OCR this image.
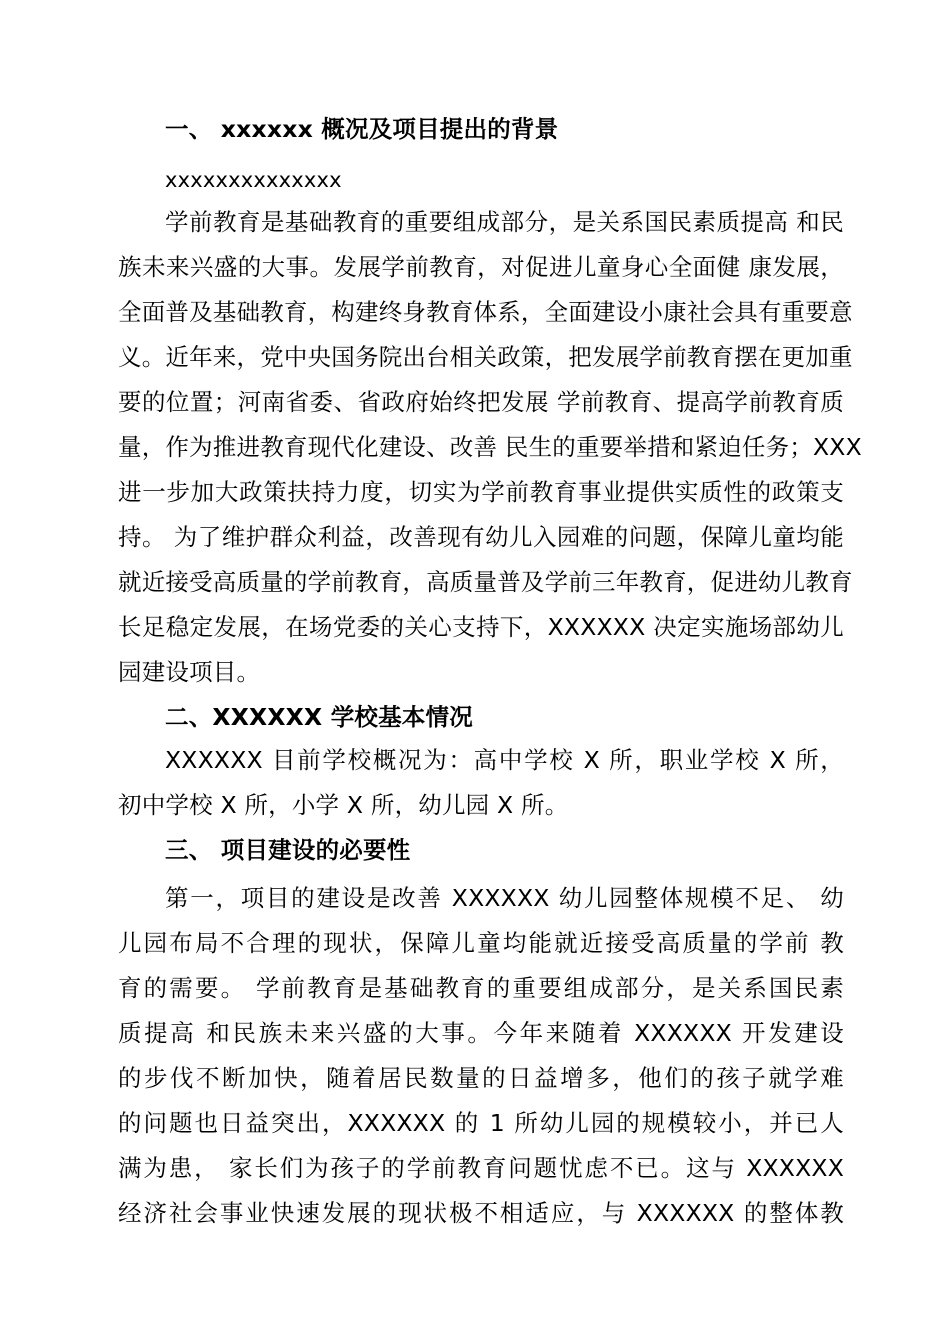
一、 xxxxxx 概况及项目提出的背景
xxxxxxxxxxxxxx
学前教育是基础教育的重要组成部分，是关系国民素质提高 和民
族未来兴盛的大事。发展学前教育，对促进儿童身心全面健 康发展，
全面普及基础教育，构建终身教育体系，全面建设小康社会具有重要意
义。近年来，党中央国务院出台相关政策，把发展学前教育摆在更加重
要的位置；河南省委、省政府始终把发展 学前教育、提高学前教育质
量，作为推进教育现代化建设、改善 民生的重要举措和紧迫任务；XXX
进一步加大政策扶持力度，切实为学前教育事业提供实质性的政策支
持。 为了维护群众利益，改善现有幼儿入园难的问题，保障儿童均能
就近接受高质量的学前教育，高质量普及学前三年教育，促进幼儿教育
长足稳定发展，在场党委的关心支持下，XXXXXX 决定实施场部幼儿
园建设项目。
二、XXXXXX 学校基本情况
XXXXXX 目前学校概况为：高中学校 X 所，职业学校 X 所，
初中学校 X 所，小学 X 所，幼儿园 X 所。
三、 项目建设的必要性
第一，项目的建设是改善 XXXXXX 幼儿园整体规模不足、 幼
儿园布局不合理的现状，保障儿童均能就近接受高质量的学前 教
育的需要。 学前教育是基础教育的重要组成部分，是关系国民素
质提高 和民族未来兴盛的大事。今年来随着 XXXXXX 开发建设
的步伐不断加快，随着居民数量的日益增多，他们的孩子就学难
的问题也日益突出，XXXXXX 的 1 所幼儿园的规模较小，并已人
满为患， 家长们为孩子的学前教育问题忧虑不已。这与 XXXXXX
经济社会事业快速发展的现状极不相适应，与 XXXXXX 的整体教
